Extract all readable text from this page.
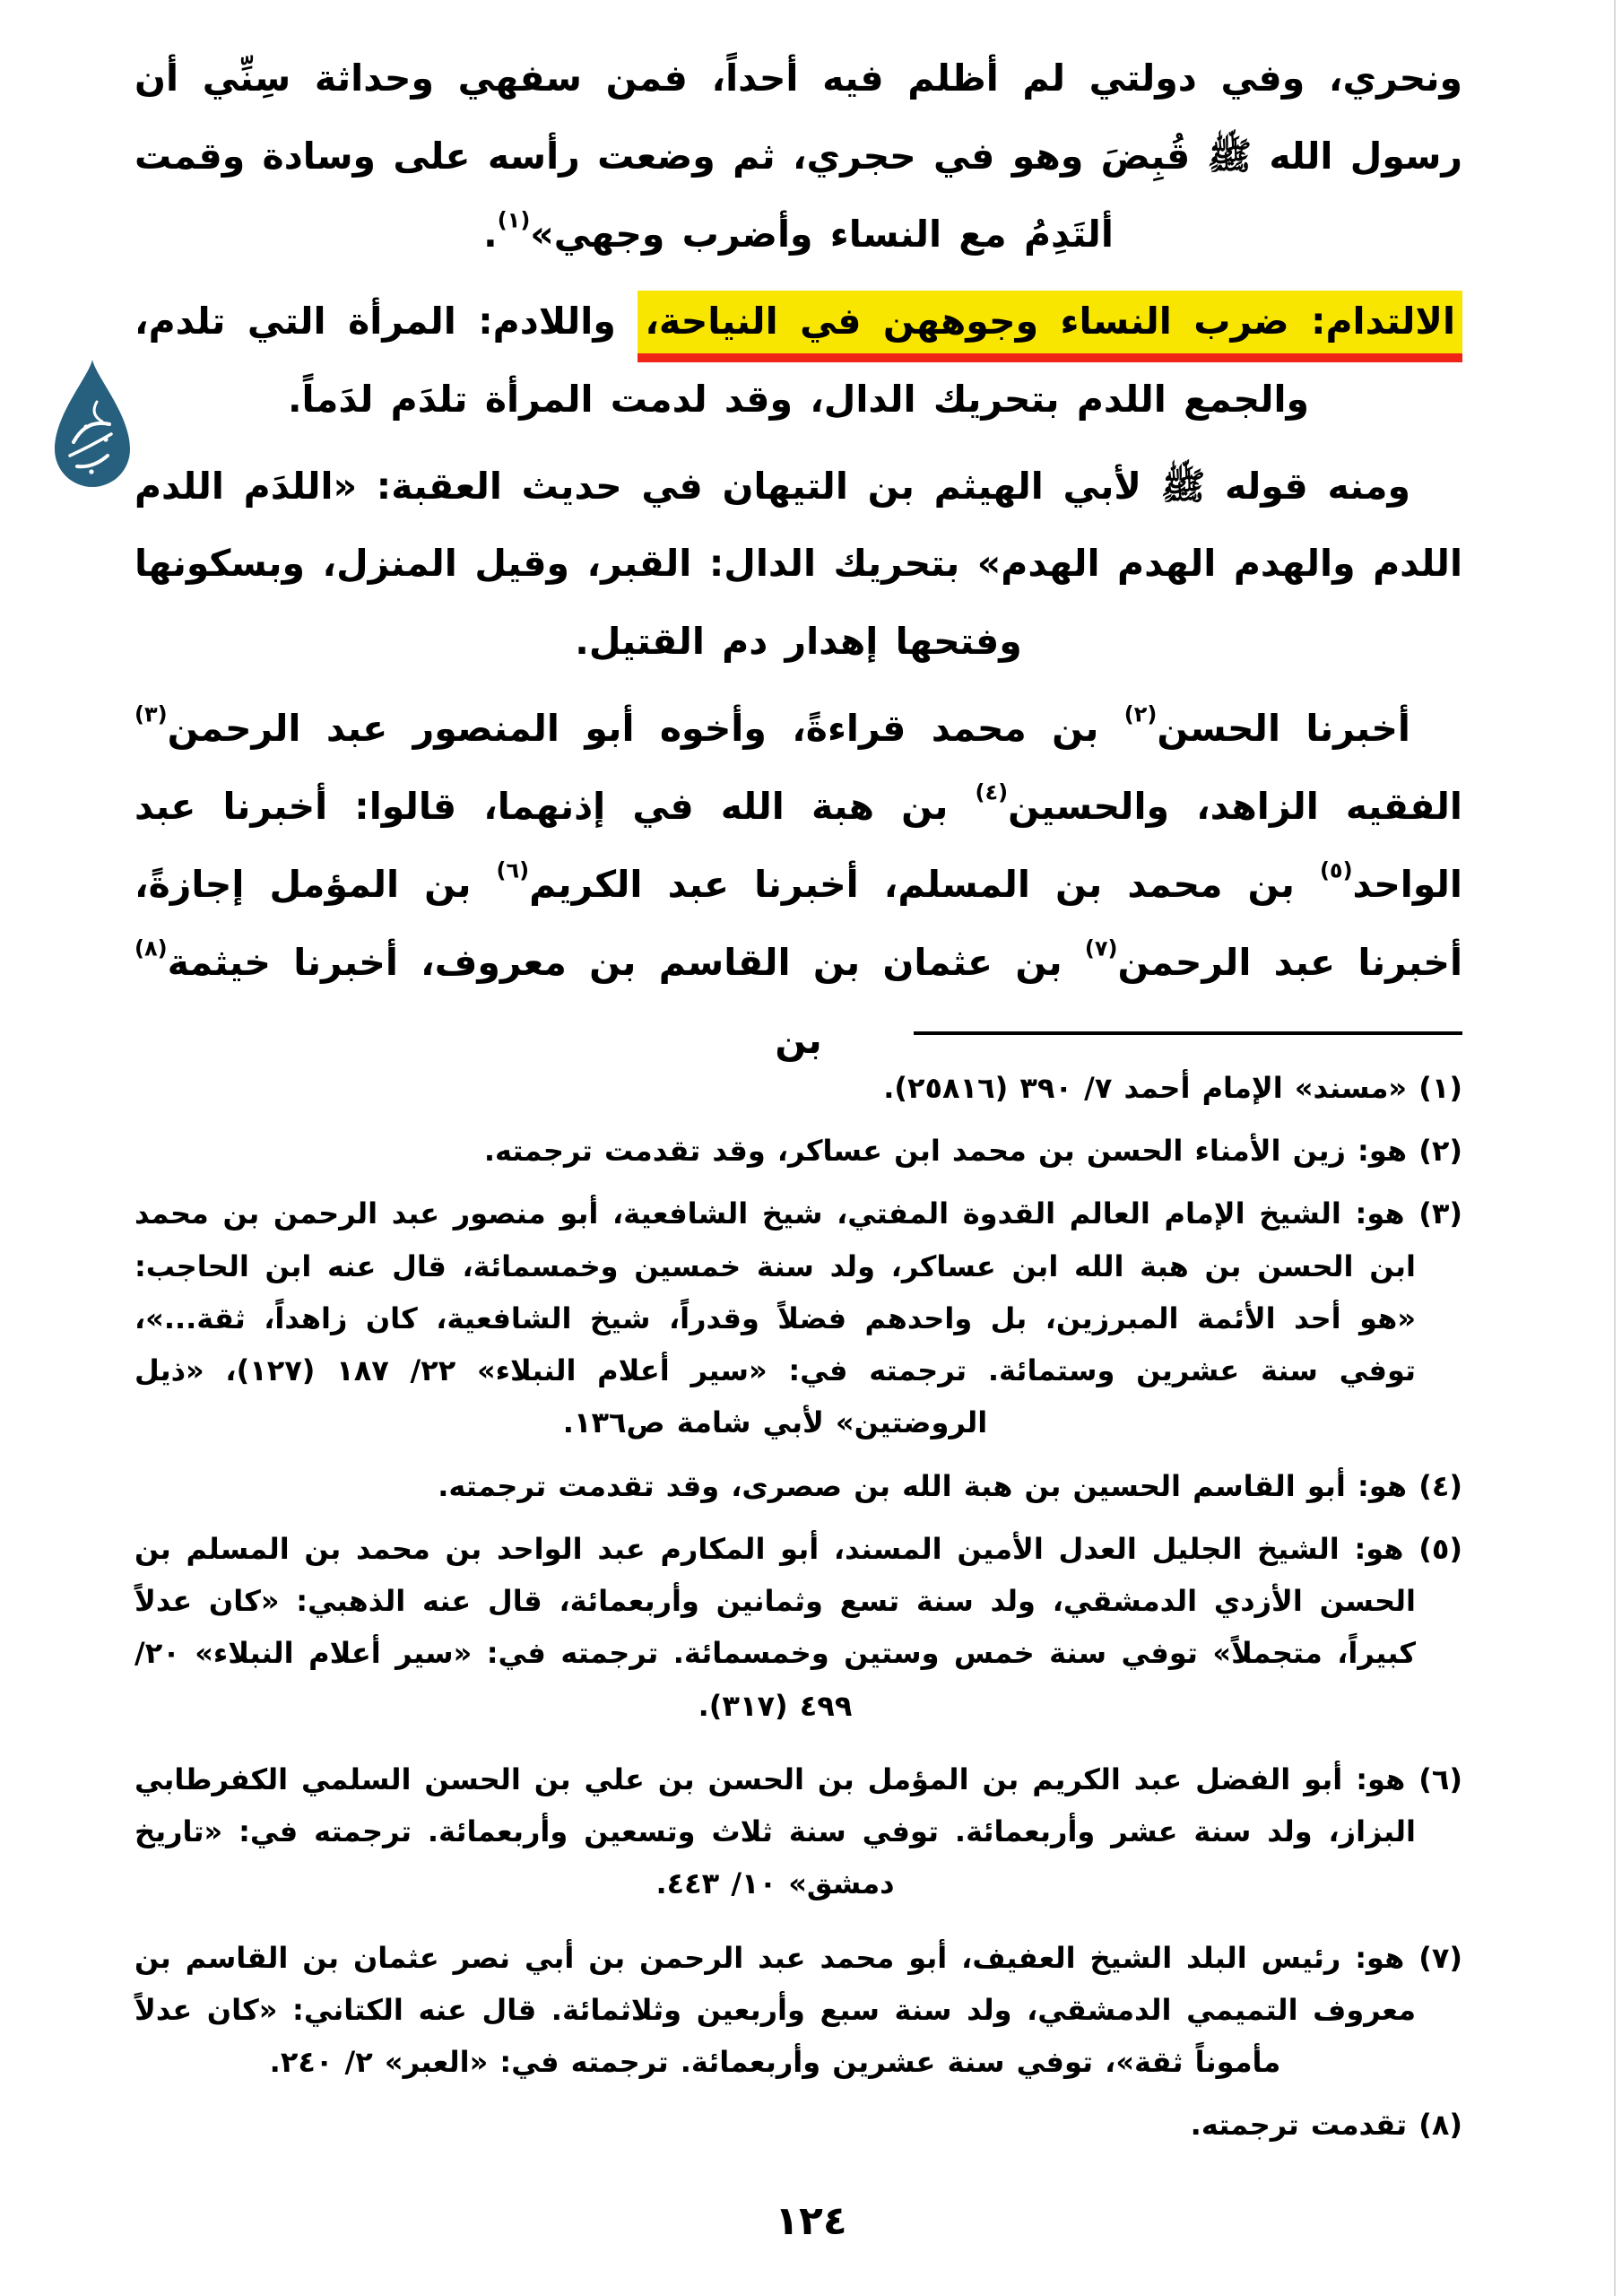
ونحري، وفي دولتي لم أظلم فيه أحداً، فمن سفهي وحداثة سِنِّي أن رسول الله ﷺ قُبِضَ وهو في حجري، ثم وضعت رأسه على وسادة وقمت ألتَدِمُ مع النساء وأضرب وجهي»$^{(١)}$.

الالتدام: ضرب النساء وجوههن في النياحة، واللادم: المرأة التي تلدم، والجمع اللدم بتحريك الدال، وقد لدمت المرأة تلدَم لدَماً.

ومنه قوله ﷺ لأبي الهيثم بن التيهان في حديث العقبة: «اللدَم اللدم اللدم والهدم الهدم الهدم» بتحريك الدال: القبر، وقيل المنزل، وبسكونها وفتحها إهدار دم القتيل.

أخبرنا الحسن$^{(٢)}$ بن محمد قراءةً، وأخوه أبو المنصور عبد الرحمن$^{(٣)}$ الفقيه الزاهد، والحسين$^{(٤)}$ بن هبة الله في إذنهما، قالوا: أخبرنا عبد الواحد$^{(٥)}$ بن محمد بن المسلم، أخبرنا عبد الكريم$^{(٦)}$ بن المؤمل إجازةً، أخبرنا عبد الرحمن$^{(٧)}$ بن عثمان بن القاسم بن معروف، أخبرنا خيثمة$^{(٨)}$ بن

(١) «مسند» الإمام أحمد ٧/ ٣٩٠ (٢٥٨١٦).

(٢) هو: زين الأمناء الحسن بن محمد ابن عساكر، وقد تقدمت ترجمته.

(٣) هو: الشيخ الإمام العالم القدوة المفتي، شيخ الشافعية، أبو منصور عبد الرحمن بن محمد ابن الحسن بن هبة الله ابن عساكر، ولد سنة خمسين وخمسمائة، قال عنه ابن الحاجب: «هو أحد الأئمة المبرزين، بل واحدهم فضلاً وقدراً، شيخ الشافعية، كان زاهداً، ثقة...»، توفي سنة عشرين وستمائة. ترجمته في: «سير أعلام النبلاء» ٢٢/ ١٨٧ (١٢٧)، «ذيل الروضتين» لأبي شامة ص١٣٦.

(٤) هو: أبو القاسم الحسين بن هبة الله بن صصرى، وقد تقدمت ترجمته.

(٥) هو: الشيخ الجليل العدل الأمين المسند، أبو المكارم عبد الواحد بن محمد بن المسلم بن الحسن الأزدي الدمشقي، ولد سنة تسع وثمانين وأربعمائة، قال عنه الذهبي: «كان عدلاً كبيراً، متجملاً» توفي سنة خمس وستين وخمسمائة. ترجمته في: «سير أعلام النبلاء» ٢٠/ ٤٩٩ (٣١٧).

(٦) هو: أبو الفضل عبد الكريم بن المؤمل بن الحسن بن علي بن الحسن السلمي الكفرطابي البزاز، ولد سنة عشر وأربعمائة. توفي سنة ثلاث وتسعين وأربعمائة. ترجمته في: «تاريخ دمشق» ١٠/ ٤٤٣.

(٧) هو: رئيس البلد الشيخ العفيف، أبو محمد عبد الرحمن بن أبي نصر عثمان بن القاسم بن معروف التميمي الدمشقي، ولد سنة سبع وأربعين وثلاثمائة. قال عنه الكتاني: «كان عدلاً مأموناً ثقة»، توفي سنة عشرين وأربعمائة. ترجمته في: «العبر» ٢/ ٢٤٠.

(٨) تقدمت ترجمته.

١٢٤
